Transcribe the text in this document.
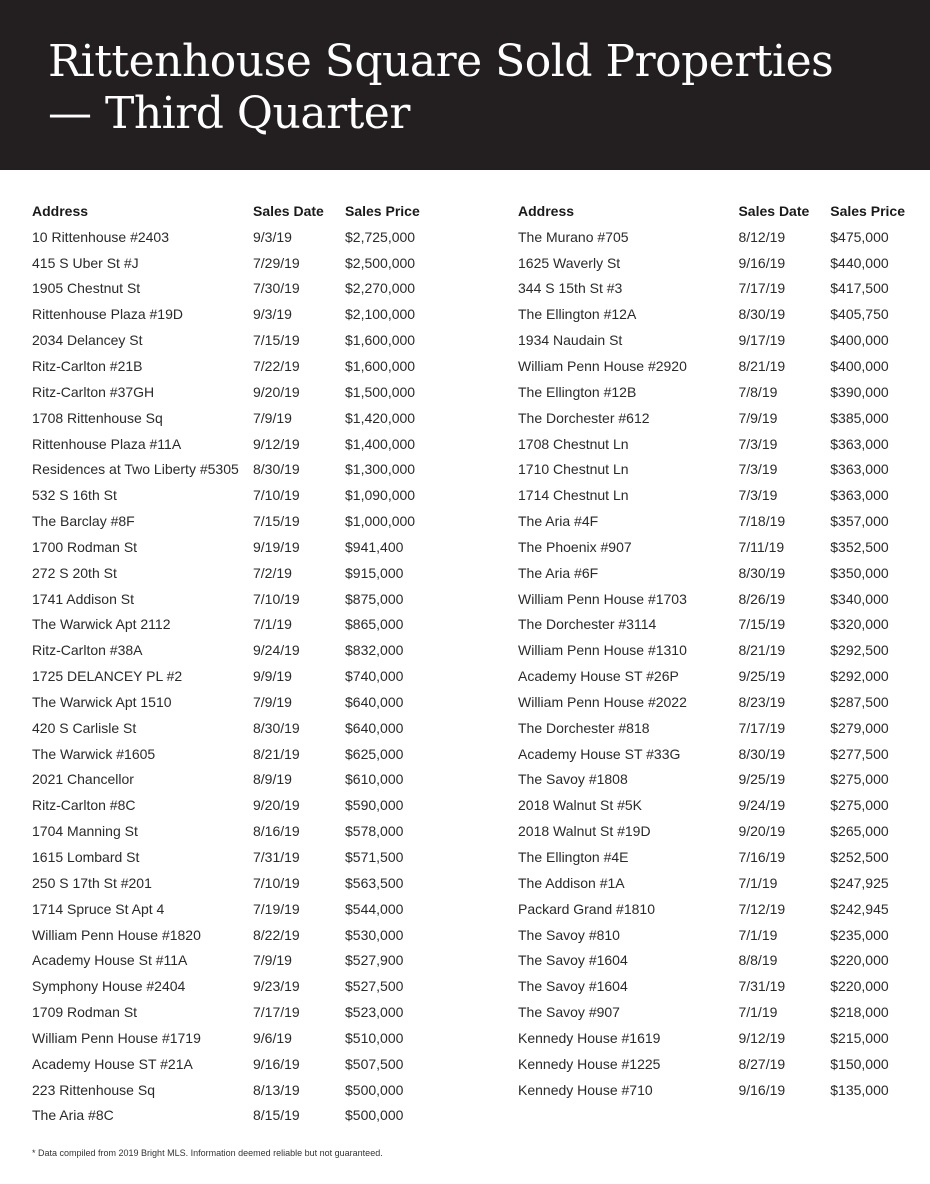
Rittenhouse Square Sold Properties
— Third Quarter
Address	Sales Date	Sales Price
10 Rittenhouse #2403	9/3/19	$2,725,000
415 S Uber St #J	7/29/19	$2,500,000
1905 Chestnut St	7/30/19	$2,270,000
Rittenhouse Plaza #19D	9/3/19	$2,100,000
2034 Delancey St	7/15/19	$1,600,000
Ritz-Carlton #21B	7/22/19	$1,600,000
Ritz-Carlton #37GH	9/20/19	$1,500,000
1708 Rittenhouse Sq	7/9/19	$1,420,000
Rittenhouse Plaza #11A	9/12/19	$1,400,000
Residences at Two Liberty #5305	8/30/19	$1,300,000
532 S 16th St	7/10/19	$1,090,000
The Barclay #8F	7/15/19	$1,000,000
1700 Rodman St	9/19/19	$941,400
272 S 20th St	7/2/19	$915,000
1741 Addison St	7/10/19	$875,000
The Warwick Apt 2112	7/1/19	$865,000
Ritz-Carlton #38A	9/24/19	$832,000
1725 DELANCEY PL #2	9/9/19	$740,000
The Warwick Apt 1510	7/9/19	$640,000
420 S Carlisle St	8/30/19	$640,000
The Warwick #1605	8/21/19	$625,000
2021 Chancellor	8/9/19	$610,000
Ritz-Carlton #8C	9/20/19	$590,000
1704 Manning St	8/16/19	$578,000
1615 Lombard St	7/31/19	$571,500
250 S 17th St #201	7/10/19	$563,500
1714 Spruce St Apt 4	7/19/19	$544,000
William Penn House #1820	8/22/19	$530,000
Academy House St #11A	7/9/19	$527,900
Symphony House #2404	9/23/19	$527,500
1709 Rodman St	7/17/19	$523,000
William Penn House #1719	9/6/19	$510,000
Academy House ST #21A	9/16/19	$507,500
223 Rittenhouse Sq	8/13/19	$500,000
The Aria #8C	8/15/19	$500,000
Address	Sales Date	Sales Price
The Murano #705	8/12/19	$475,000
1625 Waverly St	9/16/19	$440,000
344 S 15th St #3	7/17/19	$417,500
The Ellington #12A	8/30/19	$405,750
1934 Naudain St	9/17/19	$400,000
William Penn House #2920	8/21/19	$400,000
The Ellington #12B	7/8/19	$390,000
The Dorchester #612	7/9/19	$385,000
1708 Chestnut Ln	7/3/19	$363,000
1710 Chestnut Ln	7/3/19	$363,000
1714 Chestnut Ln	7/3/19	$363,000
The Aria #4F	7/18/19	$357,000
The Phoenix #907	7/11/19	$352,500
The Aria #6F	8/30/19	$350,000
William Penn House #1703	8/26/19	$340,000
The Dorchester #3114	7/15/19	$320,000
William Penn House #1310	8/21/19	$292,500
Academy House ST #26P	9/25/19	$292,000
William Penn House #2022	8/23/19	$287,500
The Dorchester #818	7/17/19	$279,000
Academy House ST #33G	8/30/19	$277,500
The Savoy #1808	9/25/19	$275,000
2018 Walnut St #5K	9/24/19	$275,000
2018 Walnut St #19D	9/20/19	$265,000
The Ellington #4E	7/16/19	$252,500
The Addison #1A	7/1/19	$247,925
Packard Grand #1810	7/12/19	$242,945
The Savoy #810	7/1/19	$235,000
The Savoy #1604	8/8/19	$220,000
The Savoy #1604	7/31/19	$220,000
The Savoy #907	7/1/19	$218,000
Kennedy House #1619	9/12/19	$215,000
Kennedy House #1225	8/27/19	$150,000
Kennedy House #710	9/16/19	$135,000
* Data compiled from 2019 Bright MLS. Information deemed reliable but not guaranteed.
